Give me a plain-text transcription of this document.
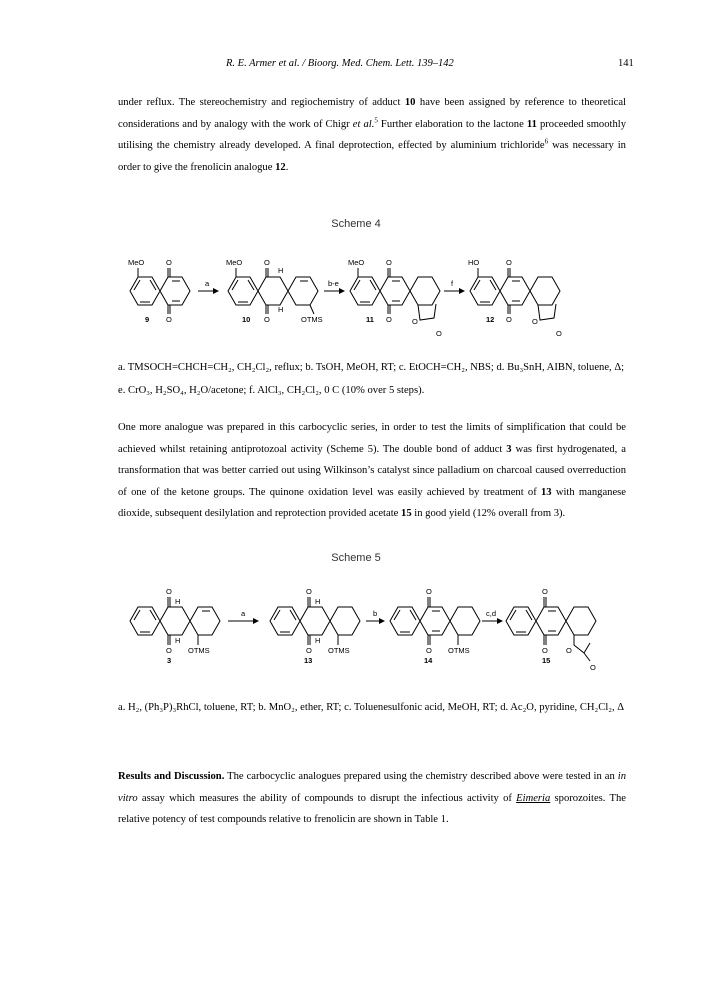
R. E. Armer et al. / Bioorg. Med. Chem. Lett. 139–142	141
under reflux. The stereochemistry and regiochemistry of adduct 10 have been assigned by reference to theoretical considerations and by analogy with the work of Chigr et al.$^5$ Further elaboration to the lactone 11 proceeded smoothly utilising the chemistry already developed. A final deprotection, effected by aluminium trichloride$^6$ was necessary in order to give the frenolicin analogue 12.
Scheme 4
MeO	O
O
9
a
MeO	O
O
H
H
OTMS
10
b-e
MeO	O
O	O
O
11
f
HO	O
O	O
O
12
a. TMSOCH=CHCH=CH₂, CH₂Cl₂, reflux; b. TsOH, MeOH, RT; c. EtOCH=CH₂, NBS; d. Bu₃SnH, AIBN, toluene, Δ; e. CrO₃, H₂SO₄, H₂O/acetone; f. AlCl₃, CH₂Cl₂, 0 C (10% over 5 steps).
One more analogue was prepared in this carbocyclic series, in order to test the limits of simplification that could be achieved whilst retaining antiprotozoal activity (Scheme 5). The double bond of adduct 3 was first hydrogenated, a transformation that was better carried out using Wilkinson’s catalyst since palladium on charcoal caused overreduction of one of the ketone groups. The quinone oxidation level was easily achieved by treatment of 13 with manganese dioxide, subsequent desilylation and reprotection provided acetate 15 in good yield (12% overall from 3).
Scheme 5
O
H
H
O OTMS
3
a
O
H
H
O OTMS
13
b
O
O OTMS
14
c,d
O
O O
O
15
a. H₂, (Ph₃P)₃RhCl, toluene, RT; b. MnO₂, ether, RT; c. Toluenesulfonic acid, MeOH, RT; d. Ac₂O, pyridine, CH₂Cl₂, Δ
Results and Discussion. The carbocyclic analogues prepared using the chemistry described above were tested in an in vitro assay which measures the ability of compounds to disrupt the infectious activity of Eimeria sporozoites. The relative potency of test compounds relative to frenolicin are shown in Table 1.
